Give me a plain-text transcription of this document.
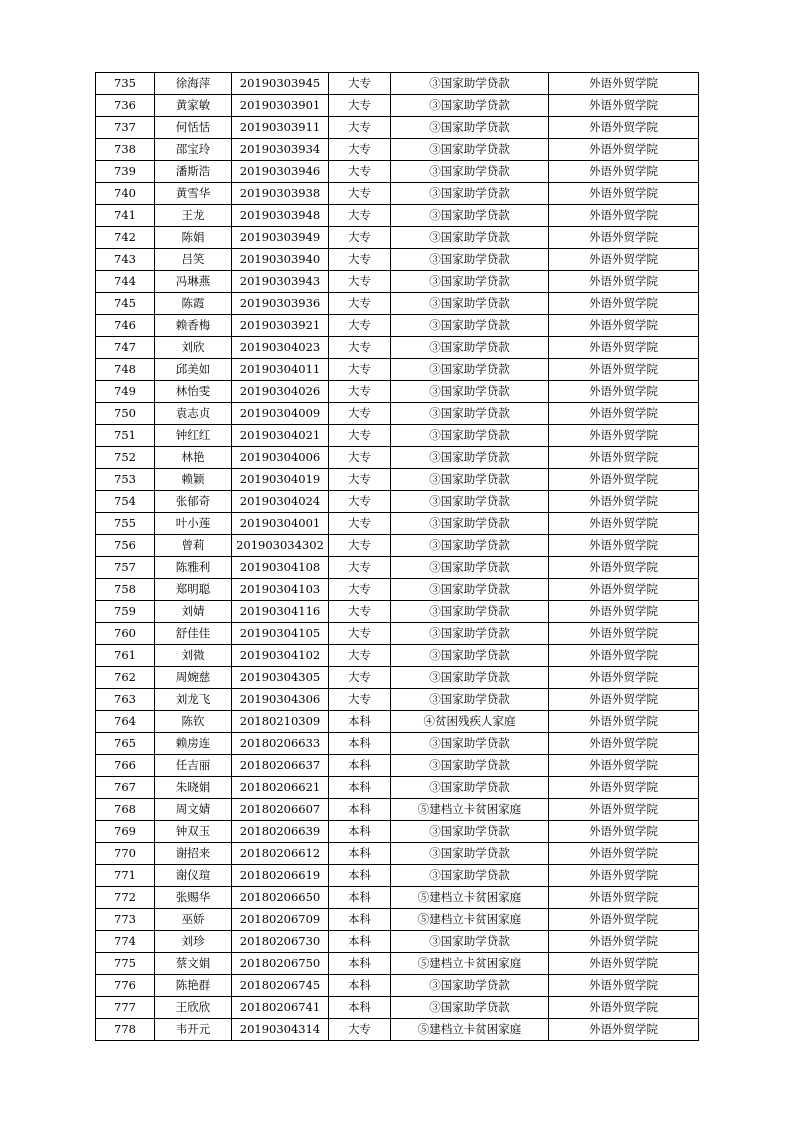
735	徐海萍	20190303945	大专	③国家助学贷款	外语外贸学院
736	黄家敏	20190303901	大专	③国家助学贷款	外语外贸学院
737	何恬恬	20190303911	大专	③国家助学贷款	外语外贸学院
738	邵宝玲	20190303934	大专	③国家助学贷款	外语外贸学院
739	潘斯浩	20190303946	大专	③国家助学贷款	外语外贸学院
740	黄雪华	20190303938	大专	③国家助学贷款	外语外贸学院
741	王龙	20190303948	大专	③国家助学贷款	外语外贸学院
742	陈娟	20190303949	大专	③国家助学贷款	外语外贸学院
743	吕笑	20190303940	大专	③国家助学贷款	外语外贸学院
744	冯琳燕	20190303943	大专	③国家助学贷款	外语外贸学院
745	陈霞	20190303936	大专	③国家助学贷款	外语外贸学院
746	赖香梅	20190303921	大专	③国家助学贷款	外语外贸学院
747	刘欣	20190304023	大专	③国家助学贷款	外语外贸学院
748	邱美如	20190304011	大专	③国家助学贷款	外语外贸学院
749	林怡雯	20190304026	大专	③国家助学贷款	外语外贸学院
750	袁志贞	20190304009	大专	③国家助学贷款	外语外贸学院
751	钟红红	20190304021	大专	③国家助学贷款	外语外贸学院
752	林艳	20190304006	大专	③国家助学贷款	外语外贸学院
753	赖颖	20190304019	大专	③国家助学贷款	外语外贸学院
754	张郁奇	20190304024	大专	③国家助学贷款	外语外贸学院
755	叶小莲	20190304001	大专	③国家助学贷款	外语外贸学院
756	曾莉	201903034302	大专	③国家助学贷款	外语外贸学院
757	陈雅利	20190304108	大专	③国家助学贷款	外语外贸学院
758	郑明聪	20190304103	大专	③国家助学贷款	外语外贸学院
759	刘婧	20190304116	大专	③国家助学贷款	外语外贸学院
760	舒佳佳	20190304105	大专	③国家助学贷款	外语外贸学院
761	刘微	20190304102	大专	③国家助学贷款	外语外贸学院
762	周婉慈	20190304305	大专	③国家助学贷款	外语外贸学院
763	刘龙飞	20190304306	大专	③国家助学贷款	外语外贸学院
764	陈钦	20180210309	本科	④贫困残疾人家庭	外语外贸学院
765	赖房连	20180206633	本科	③国家助学贷款	外语外贸学院
766	任吉丽	20180206637	本科	③国家助学贷款	外语外贸学院
767	朱晓娟	20180206621	本科	③国家助学贷款	外语外贸学院
768	周文婧	20180206607	本科	⑤建档立卡贫困家庭	外语外贸学院
769	钟双玉	20180206639	本科	③国家助学贷款	外语外贸学院
770	谢招来	20180206612	本科	③国家助学贷款	外语外贸学院
771	谢仪瑄	20180206619	本科	③国家助学贷款	外语外贸学院
772	张赐华	20180206650	本科	⑤建档立卡贫困家庭	外语外贸学院
773	巫娇	20180206709	本科	⑤建档立卡贫困家庭	外语外贸学院
774	刘珍	20180206730	本科	③国家助学贷款	外语外贸学院
775	蔡文娟	20180206750	本科	⑤建档立卡贫困家庭	外语外贸学院
776	陈艳群	20180206745	本科	③国家助学贷款	外语外贸学院
777	王欣欣	20180206741	本科	③国家助学贷款	外语外贸学院
778	韦开元	20190304314	大专	⑤建档立卡贫困家庭	外语外贸学院
